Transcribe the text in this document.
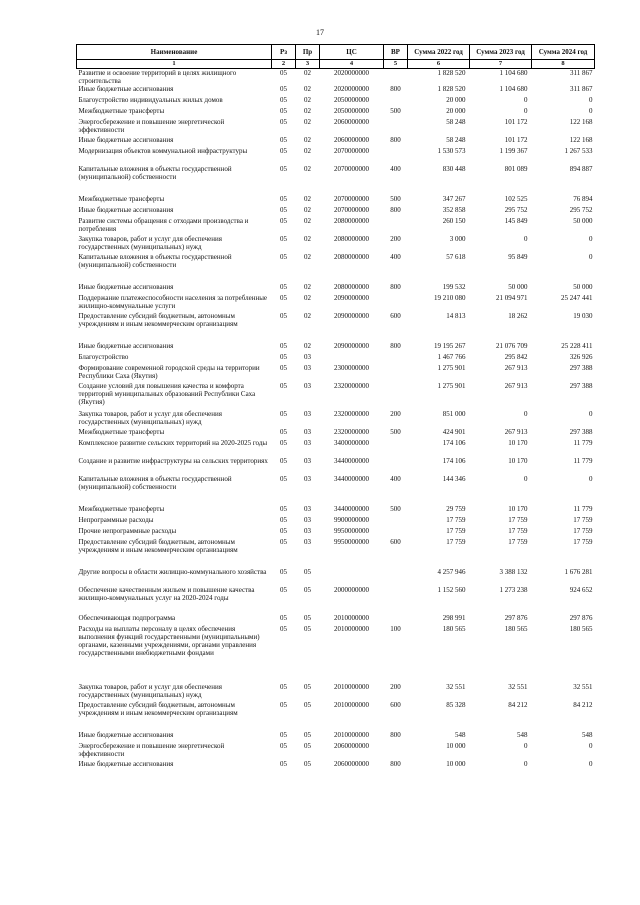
17
Наименование	Рз	Пр	ЦС	ВР	Сумма 2022 год	Сумма 2023 год	Сумма 2024 год
1	2	3	4	5	6	7	8
Развитие и освоение территорий в целях жилищного строительства	05	02	2020000000		1 828 520	1 104 680	311 867
Иные бюджетные ассигнования	05	02	2020000000	800	1 828 520	1 104 680	311 867
Благоустройство индивидуальных жилых домов	05	02	2050000000		20 000	0	0
Межбюджетные трансферты	05	02	2050000000	500	20 000	0	0
Энергосбережение и повышение энергетической эффективности	05	02	2060000000		58 248	101 172	122 168
Иные бюджетные ассигнования	05	02	2060000000	800	58 248	101 172	122 168
Модернизация объектов коммунальной инфраструктуры	05	02	2070000000		1 530 573	1 199 367	1 267 533
Капитальные вложения в объекты государственной (муниципальной) собственности	05	02	2070000000	400	830 448	801 089	894 887
Межбюджетные трансферты	05	02	2070000000	500	347 267	102 525	76 894
Иные бюджетные ассигнования	05	02	2070000000	800	352 858	295 752	295 752
Развитие системы обращения с отходами производства и потребления	05	02	2080000000		260 150	145 849	50 000
Закупка товаров, работ и услуг для обеспечения государственных (муниципальных) нужд	05	02	2080000000	200	3 000	0	0
Капитальные вложения в объекты государственной (муниципальной) собственности	05	02	2080000000	400	57 618	95 849	0
Иные бюджетные ассигнования	05	02	2080000000	800	199 532	50 000	50 000
Поддержание платежеспособности населения за потребленные жилищно-коммунальные услуги	05	02	2090000000		19 210 080	21 094 971	25 247 441
Предоставление субсидий бюджетным, автономным учреждениям и иным некоммерческим организациям	05	02	2090000000	600	14 813	18 262	19 030
Иные бюджетные ассигнования	05	02	2090000000	800	19 195 267	21 076 709	25 228 411
Благоустройство	05	03			1 467 766	295 842	326 926
Формирование современной городской среды на территории Республики Саха (Якутия)	05	03	2300000000		1 275 901	267 913	297 388
Создание условий для повышения качества и комфорта территорий муниципальных образований Республики Саха (Якутия)	05	03	2320000000		1 275 901	267 913	297 388
Закупка товаров, работ и услуг для обеспечения государственных (муниципальных) нужд	05	03	2320000000	200	851 000	0	0
Межбюджетные трансферты	05	03	2320000000	500	424 901	267 913	297 388
Комплексное развитие сельских территорий на 2020-2025 годы	05	03	3400000000		174 106	10 170	11 779
Создание и развитие инфраструктуры на сельских территориях	05	03	3440000000		174 106	10 170	11 779
Капитальные вложения в объекты государственной (муниципальной) собственности	05	03	3440000000	400	144 346	0	0
Межбюджетные трансферты	05	03	3440000000	500	29 759	10 170	11 779
Непрограммные расходы	05	03	9900000000		17 759	17 759	17 759
Прочие непрограммные расходы	05	03	9950000000		17 759	17 759	17 759
Предоставление субсидий бюджетным, автономным учреждениям и иным некоммерческим организациям	05	03	9950000000	600	17 759	17 759	17 759
Другие вопросы в области жилищно-коммунального хозяйства	05	05			4 257 946	3 388 132	1 676 281
Обеспечение качественным жильем и повышение качества жилищно-коммунальных услуг на 2020-2024 годы	05	05	2000000000		1 152 560	1 273 238	924 652
Обеспечивающая подпрограмма	05	05	2010000000		298 991	297 876	297 876
Расходы на выплаты персоналу в целях обеспечения выполнения функций государственными (муниципальными) органами, казенными учреждениями, органами управления государственными внебюджетными фондами	05	05	2010000000	100	180 565	180 565	180 565
Закупка товаров, работ и услуг для обеспечения государственных (муниципальных) нужд	05	05	2010000000	200	32 551	32 551	32 551
Предоставление субсидий бюджетным, автономным учреждениям и иным некоммерческим организациям	05	05	2010000000	600	85 328	84 212	84 212
Иные бюджетные ассигнования	05	05	2010000000	800	548	548	548
Энергосбережение и повышение энергетической эффективности	05	05	2060000000		10 000	0	0
Иные бюджетные ассигнования	05	05	2060000000	800	10 000	0	0
